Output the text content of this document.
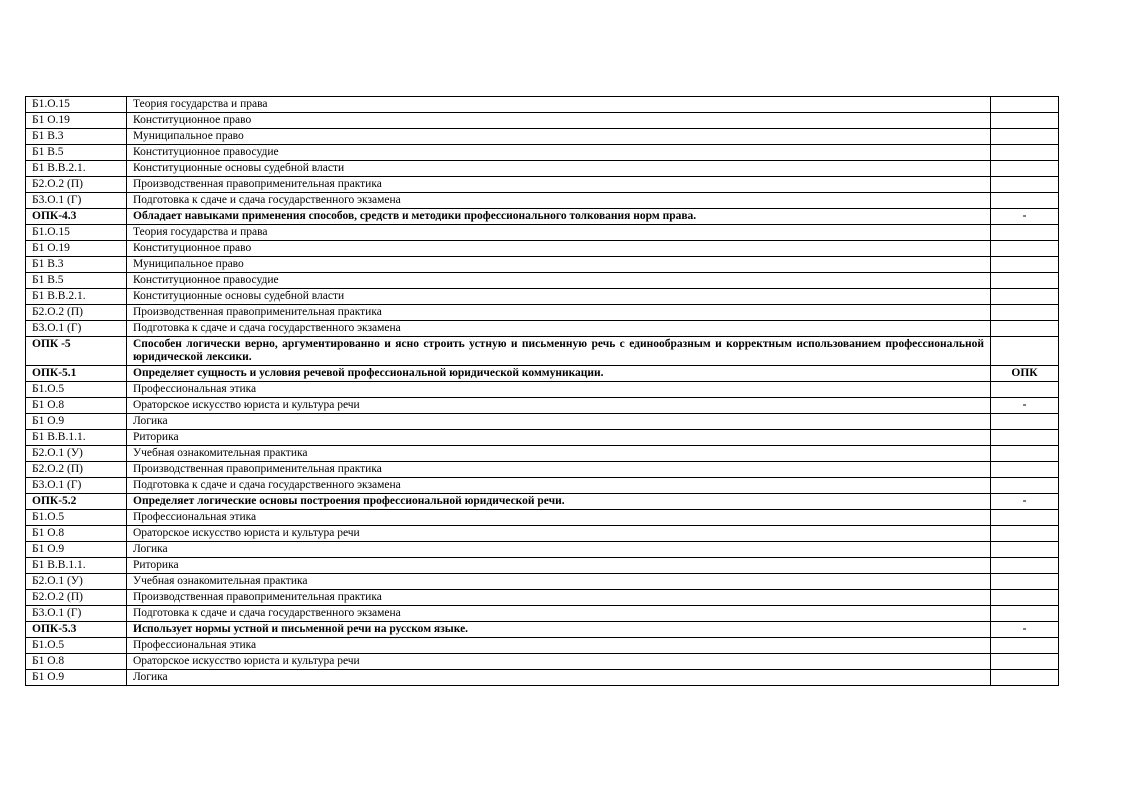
Б1.О.15	Теория государства и права	
Б1 О.19	Конституционное право	
Б1 В.3	Муниципальное право	
Б1 В.5	Конституционное правосудие	
Б1 В.В.2.1.	Конституционные основы судебной власти	
Б2.О.2 (П)	Производственная правоприменительная практика	
Б3.О.1 (Г)	Подготовка к сдаче и сдача государственного экзамена	
ОПК-4.3	Обладает навыками применения способов, средств и методики профессионального толкования норм права.	-
Б1.О.15	Теория государства и права	
Б1 О.19	Конституционное право	
Б1 В.3	Муниципальное право	
Б1 В.5	Конституционное правосудие	
Б1 В.В.2.1.	Конституционные основы судебной власти	
Б2.О.2 (П)	Производственная правоприменительная практика	
Б3.О.1 (Г)	Подготовка к сдаче и сдача государственного экзамена	
ОПК -5	Способен логически верно, аргументированно и ясно строить устную и письменную речь с единообразным и корректным использованием профессиональной юридической лексики.	
ОПК-5.1	Определяет сущность и условия речевой профессиональной юридической коммуникации.	ОПК
Б1.О.5	Профессиональная этика	
Б1 О.8	Ораторское искусство юриста и культура речи	-
Б1 О.9	Логика	
Б1 В.В.1.1.	Риторика	
Б2.О.1 (У)	Учебная ознакомительная практика	
Б2.О.2 (П)	Производственная правоприменительная практика	
Б3.О.1 (Г)	Подготовка к сдаче и сдача государственного экзамена	
ОПК-5.2	Определяет логические основы построения профессиональной юридической речи.	-
Б1.О.5	Профессиональная этика	
Б1 О.8	Ораторское искусство юриста и культура речи	
Б1 О.9	Логика	
Б1 В.В.1.1.	Риторика	
Б2.О.1 (У)	Учебная ознакомительная практика	
Б2.О.2 (П)	Производственная правоприменительная практика	
Б3.О.1 (Г)	Подготовка к сдаче и сдача государственного экзамена	
ОПК-5.3	Использует нормы устной и письменной речи на русском языке.	-
Б1.О.5	Профессиональная этика	
Б1 О.8	Ораторское искусство юриста и культура речи	
Б1 О.9	Логика	
